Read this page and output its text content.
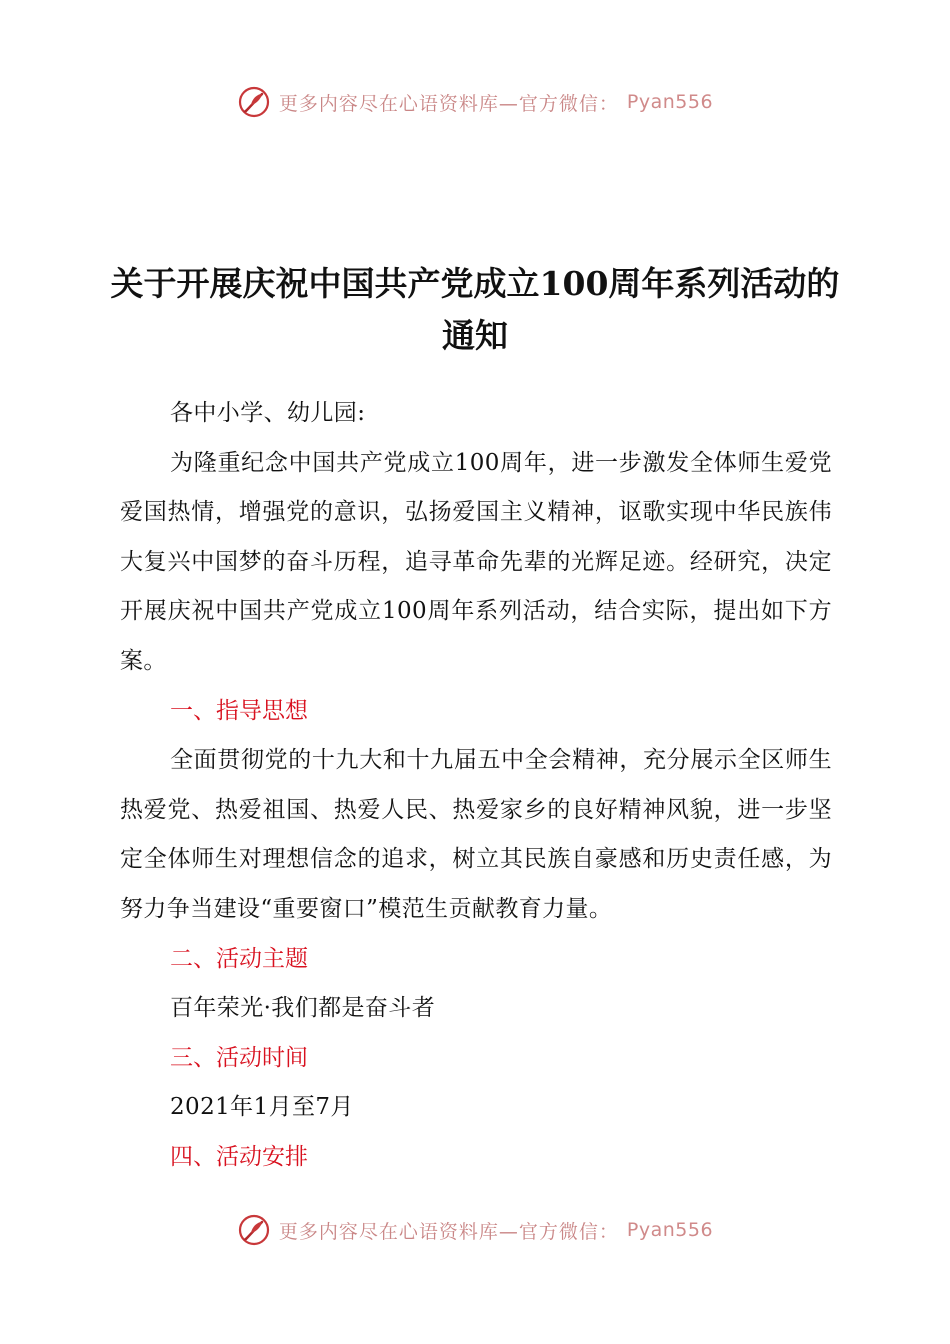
更多内容尽在心语资料库—官方微信： Pyan556
关于开展庆祝中国共产党成立100周年系列活动的通知

各中小学、幼儿园:

为隆重纪念中国共产党成立100周年，进一步激发全体师生爱党爱国热情，增强党的意识，弘扬爱国主义精神，讴歌实现中华民族伟大复兴中国梦的奋斗历程，追寻革命先辈的光辉足迹。经研究，决定开展庆祝中国共产党成立100周年系列活动，结合实际，提出如下方案。

一、指导思想

全面贯彻党的十九大和十九届五中全会精神，充分展示全区师生热爱党、热爱祖国、热爱人民、热爱家乡的良好精神风貌，进一步坚定全体师生对理想信念的追求，树立其民族自豪感和历史责任感，为努力争当建设“重要窗口”模范生贡献教育力量。

二、活动主题

百年荣光·我们都是奋斗者

三、活动时间

2021年1月至7月

四、活动安排

更多内容尽在心语资料库—官方微信： Pyan556
